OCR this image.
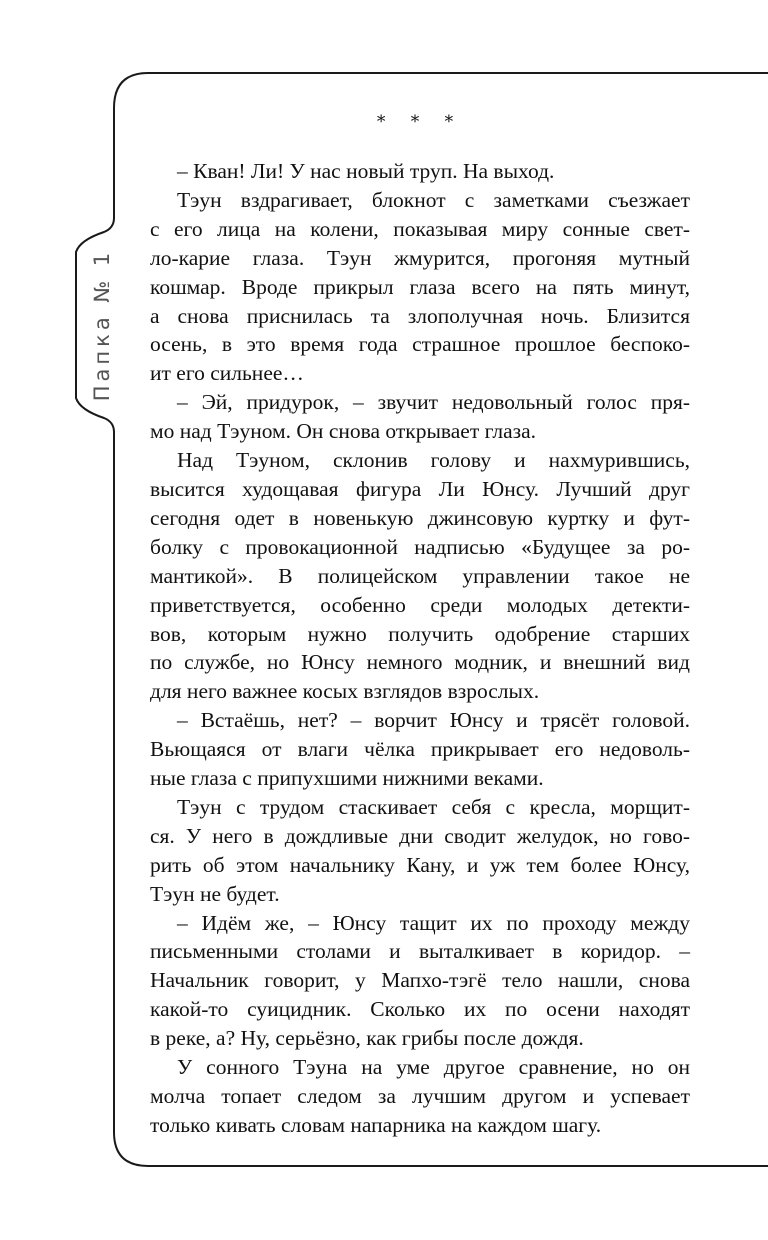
Папка № 1
* * *
– Кван! Ли! У нас новый труп. На выход.
Тэун вздрагивает, блокнот с заметками съезжает
с его лица на колени, показывая миру сонные свет-
ло-карие глаза. Тэун жмурится, прогоняя мутный
кошмар. Вроде прикрыл глаза всего на пять минут,
а снова приснилась та злополучная ночь. Близится
осень, в это время года страшное прошлое беспоко-
ит его сильнее…
– Эй, придурок, – звучит недовольный голос пря-
мо над Тэуном. Он снова открывает глаза.
Над Тэуном, склонив голову и нахмурившись,
высится худощавая фигура Ли Юнсу. Лучший друг
сегодня одет в новенькую джинсовую куртку и фут-
болку с провокационной надписью «Будущее за ро-
мантикой». В полицейском управлении такое не
приветствуется, особенно среди молодых детекти-
вов, которым нужно получить одобрение старших
по службе, но Юнсу немного модник, и внешний вид
для него важнее косых взглядов взрослых.
– Встаёшь, нет? – ворчит Юнсу и трясёт головой.
Вьющаяся от влаги чёлка прикрывает его недоволь-
ные глаза с припухшими нижними веками.
Тэун с трудом стаскивает себя с кресла, морщит-
ся. У него в дождливые дни сводит желудок, но гово-
рить об этом начальнику Кану, и уж тем более Юнсу,
Тэун не будет.
– Идём же, – Юнсу тащит их по проходу между
письменными столами и выталкивает в коридор. –
Начальник говорит, у Мапхо-тэгё тело нашли, снова
какой-то суицидник. Сколько их по осени находят
в реке, а? Ну, серьёзно, как грибы после дождя.
У сонного Тэуна на уме другое сравнение, но он
молча топает следом за лучшим другом и успевает
только кивать словам напарника на каждом шагу.
